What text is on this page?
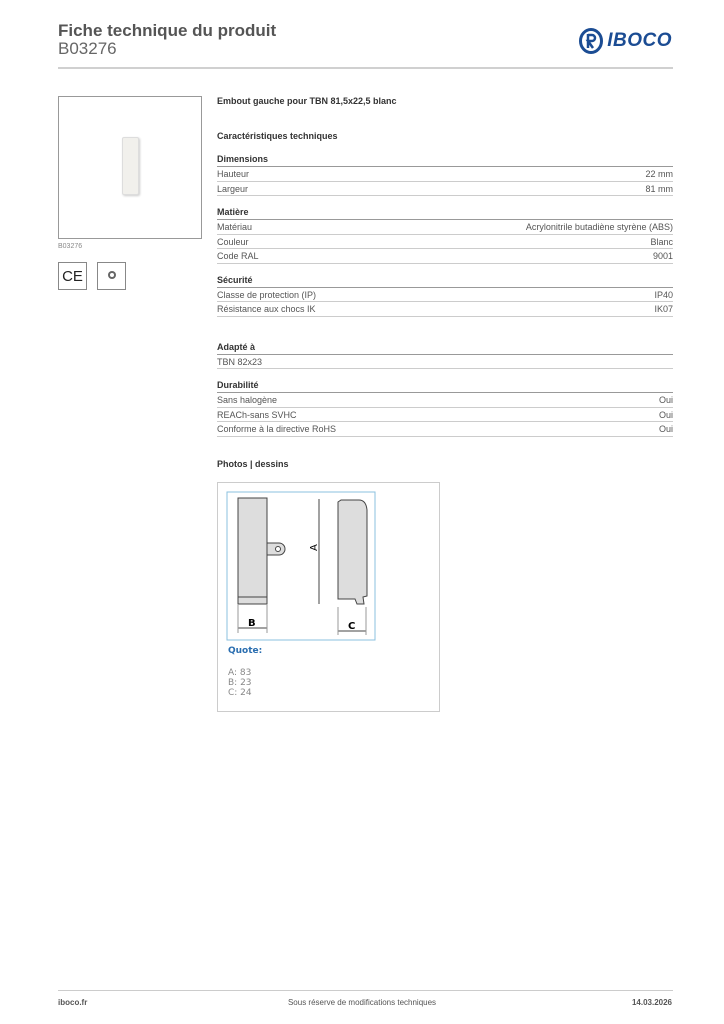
Fiche technique du produit
B03276	IBOCO
B03276
CE
Embout gauche pour TBN 81,5x22,5 blanc
Caractéristiques techniques
Dimensions
Hauteur	22 mm
Largeur	81 mm
Matière
Matériau	Acrylonitrile butadiène styrène (ABS)
Couleur	Blanc
Code RAL	9001
Sécurité
Classe de protection (IP)	IP40
Résistance aux chocs IK	IK07
Adapté à
TBN 82x23
Durabilité
Sans halogène	Oui
REACh-sans SVHC	Oui
Conforme à la directive RoHS	Oui
Photos | dessins
A
B	C
Quote:
A: 83
B: 23
C: 24
iboco.fr	Sous réserve de modifications techniques	14.03.2026
